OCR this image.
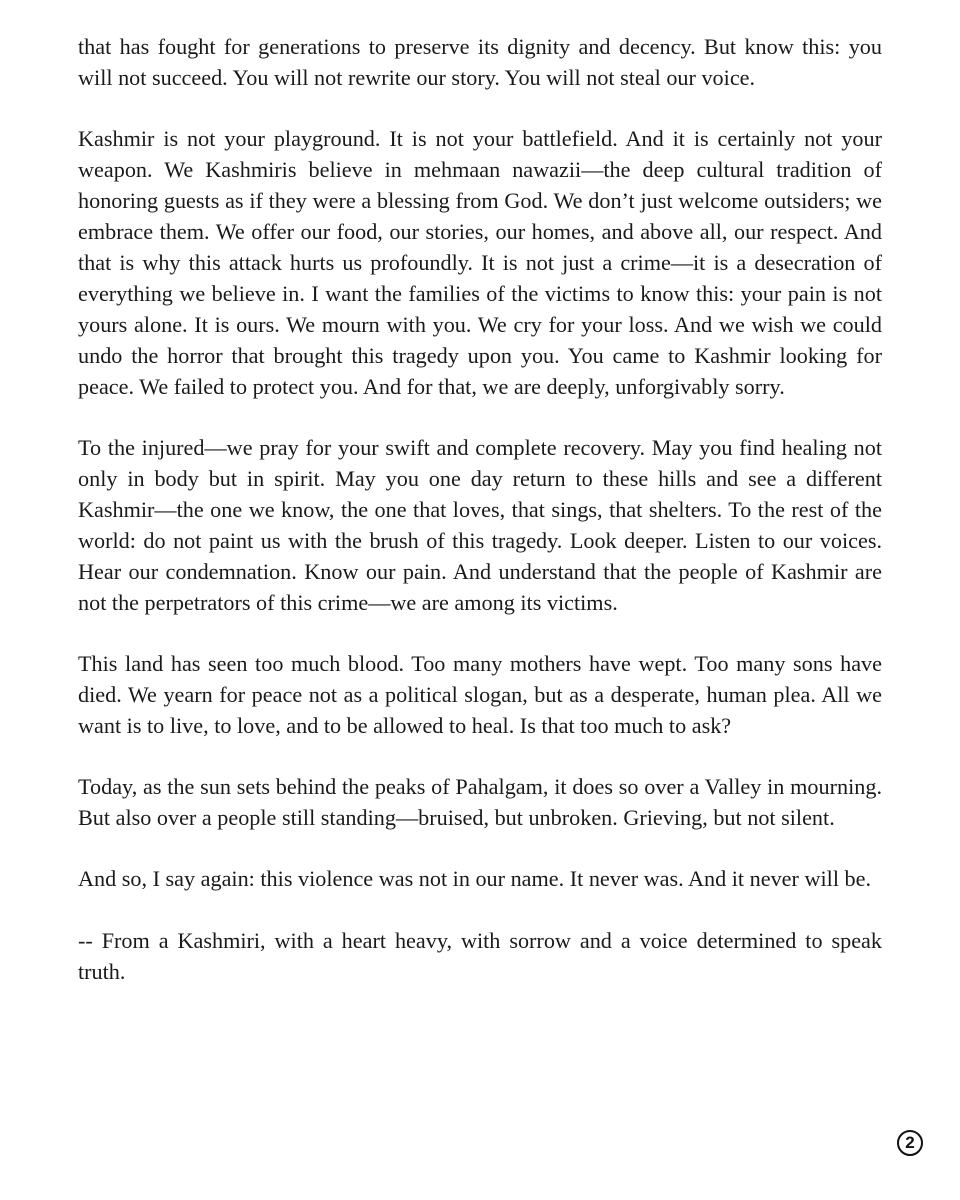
that has fought for generations to preserve its dignity and decency. But know this: you will not succeed. You will not rewrite our story. You will not steal our voice.

Kashmir is not your playground. It is not your battlefield. And it is certainly not your weapon. We Kashmiris believe in mehmaan nawazii—the deep cultural tradition of honoring guests as if they were a blessing from God. We don’t just welcome outsiders; we embrace them. We offer our food, our stories, our homes, and above all, our respect. And that is why this attack hurts us profoundly. It is not just a crime—it is a desecration of everything we believe in. I want the families of the victims to know this: your pain is not yours alone. It is ours. We mourn with you. We cry for your loss. And we wish we could undo the horror that brought this tragedy upon you. You came to Kashmir looking for peace. We failed to protect you. And for that, we are deeply, unforgivably sorry.

To the injured—we pray for your swift and complete recovery. May you find healing not only in body but in spirit. May you one day return to these hills and see a different Kashmir—the one we know, the one that loves, that sings, that shelters. To the rest of the world: do not paint us with the brush of this tragedy. Look deeper. Listen to our voices. Hear our condemnation. Know our pain. And understand that the people of Kashmir are not the perpetrators of this crime—we are among its victims.

This land has seen too much blood. Too many mothers have wept. Too many sons have died. We yearn for peace not as a political slogan, but as a desperate, human plea. All we want is to live, to love, and to be allowed to heal. Is that too much to ask?

Today, as the sun sets behind the peaks of Pahalgam, it does so over a Valley in mourning. But also over a people still standing—bruised, but unbroken. Grieving, but not silent.

And so, I say again: this violence was not in our name. It never was. And it never will be.

-- From a Kashmiri, with a heart heavy, with sorrow and a voice determined to speak truth.

2
